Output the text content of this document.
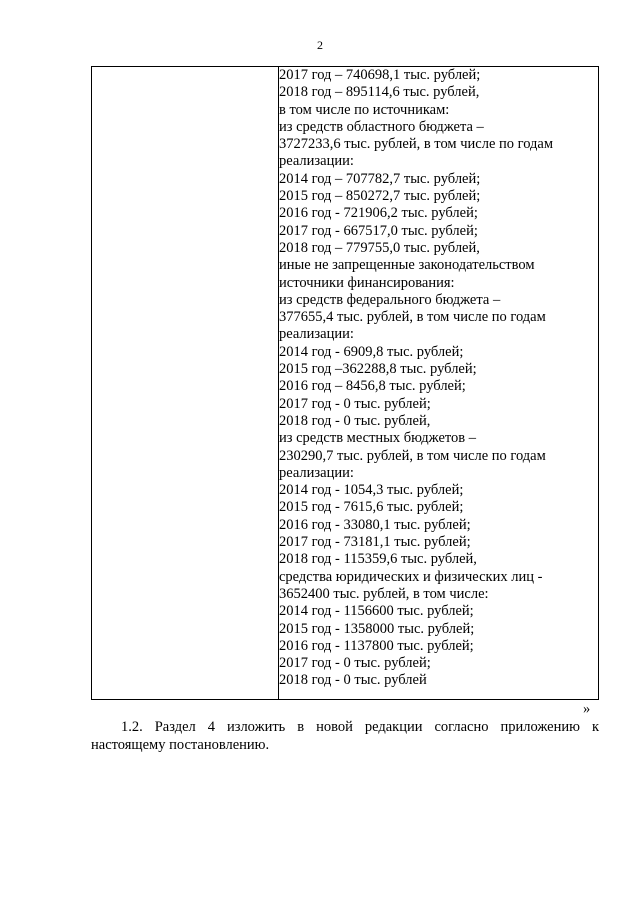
2

2017 год – 740698,1 тыс. рублей;
2018 год – 895114,6 тыс. рублей,
в том числе по источникам:
из средств областного бюджета –
3727233,6 тыс. рублей, в том числе по годам
реализации:
2014 год – 707782,7 тыс. рублей;
2015 год – 850272,7 тыс. рублей;
2016 год - 721906,2 тыс. рублей;
2017 год - 667517,0 тыс. рублей;
2018 год – 779755,0 тыс. рублей,
иные не запрещенные законодательством
источники финансирования:
из средств федерального бюджета –
377655,4 тыс. рублей, в том числе по годам
реализации:
2014 год - 6909,8 тыс. рублей;
2015 год –362288,8 тыс. рублей;
2016 год – 8456,8 тыс. рублей;
2017 год - 0 тыс. рублей;
2018 год - 0 тыс. рублей,
из средств местных бюджетов –
230290,7 тыс. рублей, в том числе по годам
реализации:
2014 год - 1054,3 тыс. рублей;
2015 год - 7615,6 тыс. рублей;
2016 год - 33080,1 тыс. рублей;
2017 год - 73181,1 тыс. рублей;
2018 год - 115359,6 тыс. рублей,
средства юридических и физических лиц -
3652400 тыс. рублей, в том числе:
2014 год - 1156600 тыс. рублей;
2015 год - 1358000 тыс. рублей;
2016 год - 1137800 тыс. рублей;
2017 год - 0 тыс. рублей;
2018 год - 0 тыс. рублей
»
1.2. Раздел 4 изложить в новой редакции согласно приложению к
настоящему постановлению.
